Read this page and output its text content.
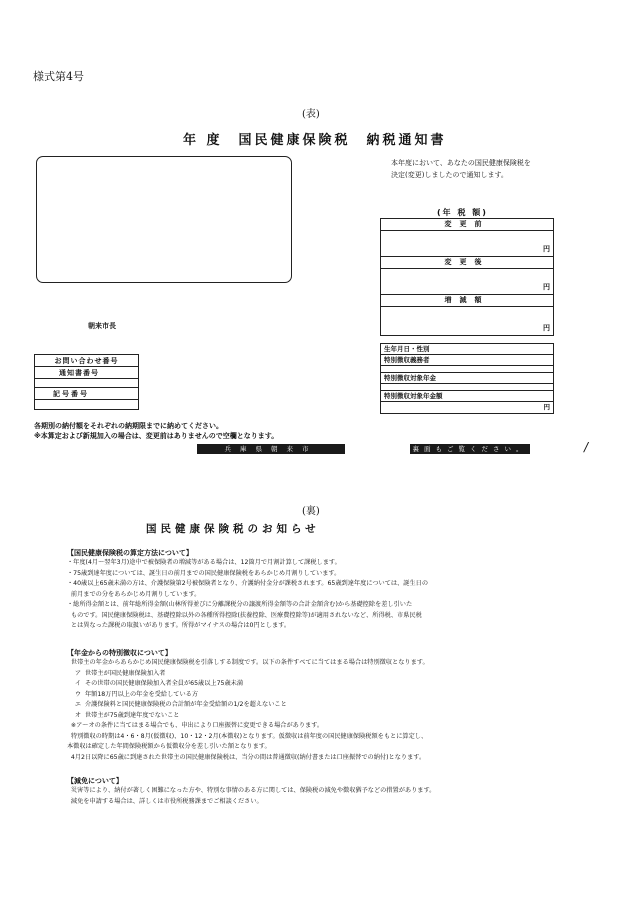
様式第4号
(表)
年 度　国民健康保険税　納税通知書
朝来市長
本年度において、あなたの国民健康保険税を
決定(変更)しましたので通知します。
(年 税 額)
変更前
円
変更後
円
増減額
円
お問い合わせ番号
通知書番号
記号番号
生年月日・性別
特別徴収義務者
特別徴収対象年金
特別徴収対象年金額
円
各期別の納付額をそれぞれの納期限までに納めてください。
※本算定および新規加入の場合は、変更前はありませんので空欄となります。
兵庫県朝来市	裏面もご覧ください。	/
(裏)
国民健康保険税のお知らせ
【国民健康保険税の算定方法について】
・年度(4月～翌年3月)途中で被保険者の増減等がある場合は、12箇月で月割計算して課税します。
・75歳到達年度については、誕生日の前月までの国民健康保険税をあらかじめ月割りしています。
・40歳以上65歳未満の方は、介護保険第2号被保険者となり、介護納付金分が課税されます。65歳到達年度については、誕生日の
前月までの分をあらかじめ月割りしています。
・総所得金額とは、前年総所得金額(山林所得並びに分離課税分の譲渡所得金額等の合計金額含む)から基礎控除を差し引いた
ものです。国民健康保険税は、基礎控除以外の各種所得控除(扶養控除、医療費控除等)が適用されないなど、所得税、市県民税
とは異なった課税の取扱いがあります。所得がマイナスの場合は0円とします。
【年金からの特別徴収について】
世帯主の年金からあらかじめ国民健康保険税を引落しする制度です。以下の条件すべてに当てはまる場合は特別徴収となります。
ア  世帯主が国民健康保険加入者
イ  その世帯の国民健康保険加入者全員が65歳以上75歳未満
ウ  年額18万円以上の年金を受給している方
エ  介護保険料と国民健康保険税の合計額が年金受給額の1/2を超えないこと
オ  世帯主が75歳到達年度でないこと
※ア～オの条件に当てはまる場合でも、申出により口座振替に変更できる場合があります。
特別徴収の時期は4・6・8月(仮徴収)、10・12・2月(本徴収)となります。仮徴収は前年度の国民健康保険税額をもとに算定し、
本徴収は確定した年間保険税額から仮徴収分を差し引いた額となります。
4月2日以降に65歳に到達された世帯主の国民健康保険税は、当分の間は普通徴収(納付書または口座振替での納付)となります。
【減免について】
災害等により、納付が著しく困難になった方や、特別な事情のある方に関しては、保険税の減免や徴収猶予などの措置があります。
減免を申請する場合は、詳しくは市役所税務課までご相談ください。
